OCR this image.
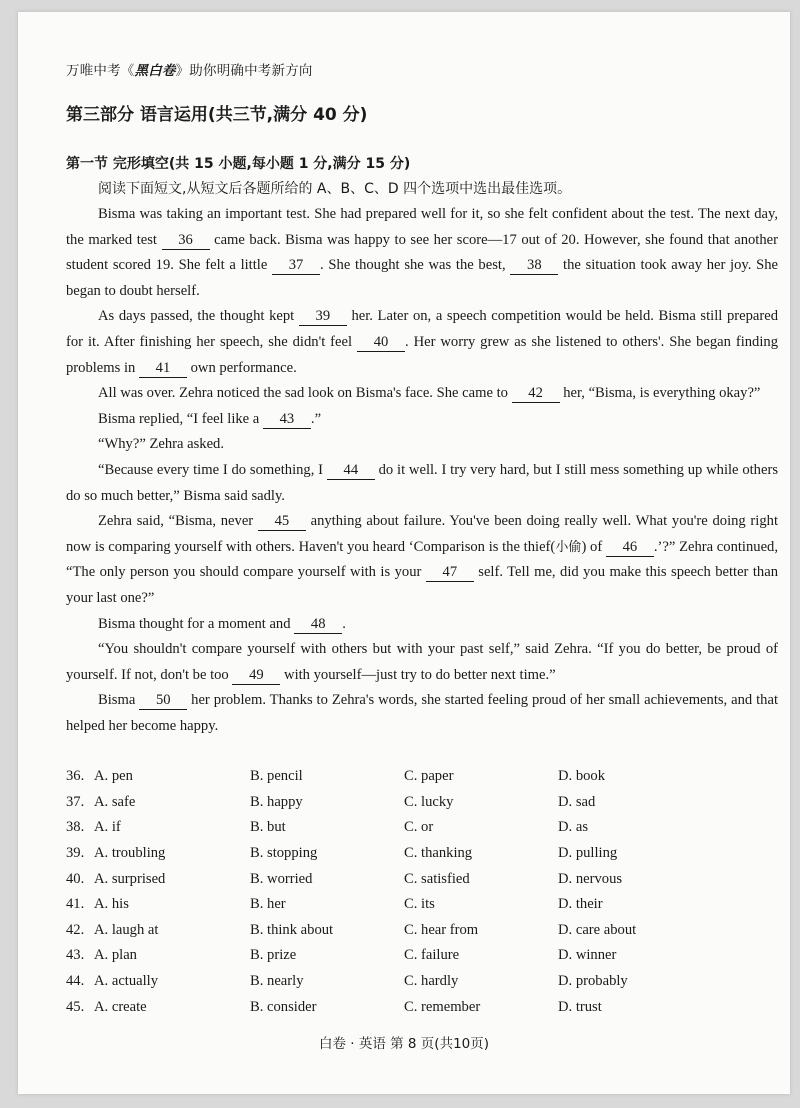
万唯中考《黑白卷》助你明确中考新方向
第三部分 语言运用(共三节,满分 40 分)
第一节 完形填空(共 15 小题,每小题 1 分,满分 15 分)
阅读下面短文,从短文后各题所给的 A、B、C、D 四个选项中选出最佳选项。

Bisma was taking an important test. She had prepared well for it, so she felt confident about the test. The next day, the marked test 36 came back. Bisma was happy to see her score—17 out of 20. However, she found that another student scored 19. She felt a little 37 . She thought she was the best, 38 the situation took away her joy. She began to doubt herself.

As days passed, the thought kept 39 her. Later on, a speech competition would be held. Bisma still prepared for it. After finishing her speech, she didn't feel 40 . Her worry grew as she listened to others'. She began finding problems in 41 own performance.

All was over. Zehra noticed the sad look on Bisma's face. She came to 42 her, “Bisma, is everything okay?”

Bisma replied, “I feel like a 43 .”

“Why?” Zehra asked.

“Because every time I do something, I 44 do it well. I try very hard, but I still mess something up while others do so much better,” Bisma said sadly.

Zehra said, “Bisma, never 45 anything about failure. You've been doing really well. What you're doing right now is comparing yourself with others. Haven't you heard ‘Comparison is the thief(小偷) of 46 .’?” Zehra continued, “The only person you should compare yourself with is your 47 self. Tell me, did you make this speech better than your last one?”

Bisma thought for a moment and 48 .

“You shouldn't compare yourself with others but with your past self,” said Zehra. “If you do better, be proud of yourself. If not, don't be too 49 with yourself—just try to do better next time.”

Bisma 50 her problem. Thanks to Zehra's words, she started feeling proud of her small achievements, and that helped her become happy.

36. A. pen	B. pencil	C. paper	D. book
37. A. safe	B. happy	C. lucky	D. sad
38. A. if	B. but	C. or	D. as
39. A. troubling	B. stopping	C. thanking	D. pulling
40. A. surprised	B. worried	C. satisfied	D. nervous
41. A. his	B. her	C. its	D. their
42. A. laugh at	B. think about	C. hear from	D. care about
43. A. plan	B. prize	C. failure	D. winner
44. A. actually	B. nearly	C. hardly	D. probably
45. A. create	B. consider	C. remember	D. trust
白卷 · 英语 第 8 页(共10页)
